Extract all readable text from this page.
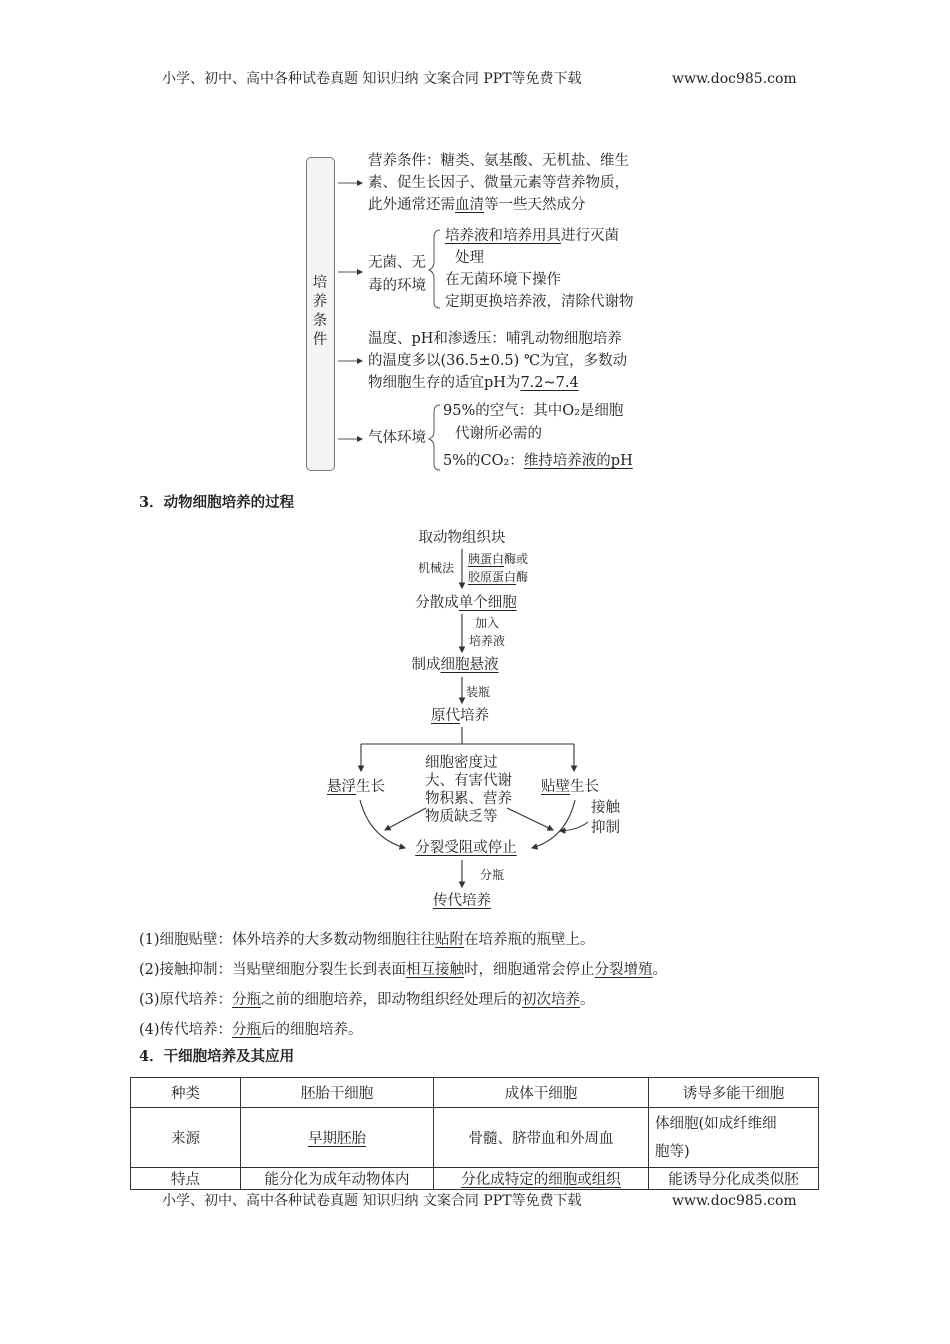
小学、初中、高中各种试卷真题 知识归纳 文案合同 PPT等免费下载	www.doc985.com
培养条件
营养条件：糖类、氨基酸、无机盐、维生
素、促生长因子、微量元素等营养物质，
此外通常还需血清等一些天然成分
无菌、无
毒的环境
培养液和培养用具进行灭菌
处理
在无菌环境下操作
定期更换培养液，清除代谢物
温度、pH和渗透压：哺乳动物细胞培养
的温度多以(36.5±0.5) ℃为宜，多数动
物细胞生存的适宜pH为7.2~7.4
气体环境
95%的空气：其中O₂是细胞
代谢所必需的
5%的CO₂：维持培养液的pH
3．动物细胞培养的过程
取动物组织块
机械法
胰蛋白酶或
胶原蛋白酶
分散成单个细胞
加入
培养液
制成细胞悬液
装瓶
原代培养
悬浮生长	贴壁生长
细胞密度过
大、有害代谢
物积累、营养
物质缺乏等
接触
抑制
分裂受阻或停止
分瓶
传代培养
(1)细胞贴壁：体外培养的大多数动物细胞往往贴附在培养瓶的瓶壁上。
(2)接触抑制：当贴壁细胞分裂生长到表面相互接触时，细胞通常会停止分裂增殖。
(3)原代培养：分瓶之前的细胞培养，即动物组织经处理后的初次培养。
(4)传代培养：分瓶后的细胞培养。
4．干细胞培养及其应用
种类	胚胎干细胞	成体干细胞	诱导多能干细胞
来源	早期胚胎	骨髓、脐带血和外周血	体细胞(如成纤维细
胞等)

特点	能分化为成年动物体内	分化成特定的细胞或组织	能诱导分化成类似胚
小学、初中、高中各种试卷真题 知识归纳 文案合同 PPT等免费下载	www.doc985.com
